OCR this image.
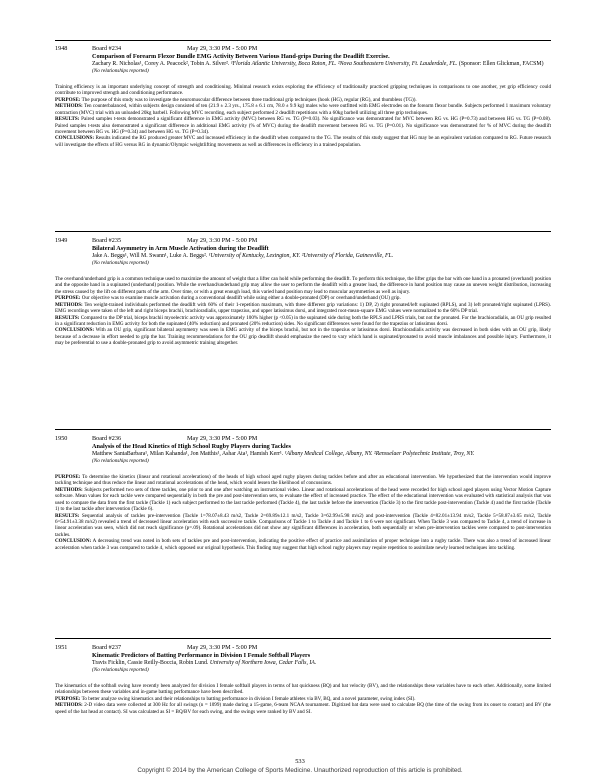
1948	Board #234	May 29, 3:30 PM - 5:00 PM
Comparison of Forearm Flexor Bundle EMG Activity Between Various Hand-grips During the Deadlift Exercise.
Zachary R. Nicholas¹, Corey A. Peacock², Tobin A. Silver². ¹Florida Atlantic University, Boca Raton, FL. ²Nova Southeastern University, Ft. Lauderdale, FL. (Sponsor: Ellen Glickman, FACSM)
(No relationships reported)

Training efficiency is an important underlying concept of strength and conditioning. Minimal research exists exploring the efficiency of traditionally practiced gripping techniques in comparisons to one another, yet grip efficiency could contribute to improved strength and conditioning performance.

PURPOSE: The purpose of this study was to investigate the neuromuscular difference between three traditional grip techniques (hook (HG), regular (RG), and thumbless (TG)).

METHODS: Ten counterbalanced, within subjects design consisted of ten (21.9 ± 2.3 yrs., 175.8 ± 6.1 cm, 78.0 ± 9.9 kg) males who were outfitted with EMG electrodes on the forearm flexor bundle. Subjects performed 1 maximum voluntary contraction (MVC) trial with an unloaded 20kg barbell. Following MVC recording, each subject performed 2 deadlift repetitions with a 60kg barbell utilizing all three grip techniques.

RESULTS: Paired samples t-tests demonstrated a significant difference in EMG activity (MVC) between RG vs. TG (P=0.03). No significance was demonstrated for MVC between RG vs. HG (P=0.73) and between HG vs. TG (P=0.08). Paired samples t-tests also demonstrated a significant difference in additional EMG activity (% of MVC) during the deadlift movement between RG vs. TG (P=0.01). No significance was demonstrated for % of MVC during the deadlift movement between RG vs. HG (P=0.34) and between HG vs. TG (P=0.34).

CONCLUSIONS: Results indicated the RG produced greater MVC and increased efficiency in the deadlift when compared to the TG. The results of this study suggest that HG may be an equivalent variation compared to RG. Future research will investigate the effects of HG versus RG in dynamic/Olympic weightlifting movements as well as differences in efficiency in a trained population.

1949	Board #235	May 29, 3:30 PM - 5:00 PM
Bilateral Asymmetry in Arm Muscle Activation during the Deadlift
Jake A. Beggs¹, Will M. Swann¹, Luke A. Beggs². ¹University of Kentucky, Lexington, KY. ²University of Florida, Gainesville, FL.
(No relationships reported)

The overhand/underhand grip is a common technique used to maximize the amount of weight that a lifter can hold while performing the deadlift. To perform this technique, the lifter grips the bar with one hand in a pronated (overhand) position and the opposite hand in a supinated (underhand) position. While the overhand/underhand grip may allow the user to perform the deadlift with a greater load, the difference in hand position may cause an uneven weight distribution, increasing the stress caused by the lift on different parts of the arm. Over time, or with a great enough load, this varied hand position may lead to muscular asymmetries as well as injury.

PURPOSE: Our objective was to examine muscle activation during a conventional deadlift while using either a double-pronated (DP) or overhand/underhand (OU) grip.

METHODS: Ten weight-trained individuals performed the deadlift with 60% of their 1-repetition maximum, with three different grip variations: 1) DP, 2) right pronated/left supinated (RPLS), and 3) left pronated/right supinated (LPRS). EMG recordings were taken of the left and right biceps brachii, brachioradialis, upper trapezius, and upper latissimus dorsi, and integrated root-mean-square EMG values were normalized to the 60% DP trial.

RESULTS: Compared to the DP trial, biceps brachii myoelectric activity was approximately 100% higher (p <0.05) in the supinated side during both the RPLS and LPRS trials, but not the pronated. For the brachioradialis, an OU grip resulted in a significant reduction in EMG activity for both the supinated (40% reduction) and pronated (20% reduction) sides. No significant differences were found for the trapezius or latissimus dorsi.

CONCLUSIONS: With an OU grip, significant bilateral asymmetry was seen in EMG activity of the biceps brachii, but not in the trapezius or latissimus dorsi. Brachioradialis activity was decreased in both sides with an OU grip, likely because of a decrease in effort needed to grip the bar. Training recommendations for the OU grip deadlift should emphasize the need to vary which hand is supinated/pronated to avoid muscle imbalances and possible injury. Furthermore, it may be preferential to use a double-pronated grip to avoid asymmetric training altogether.

1950	Board #236	May 29, 3:30 PM - 5:00 PM
Analysis of the Head Kinetics of High School Rugby Players during Tackles
Matthew SantaBarbara¹, Milan Kahanda¹, Jon Matthis¹, Ashar Ata¹, Hamish Kerr¹. ¹Albany Medical College, Albany, NY. ²Rensselaer Polytechnic Institute, Troy, NY.
(No relationships reported)

PURPOSE: To determine the kinetics (linear and rotational accelerations) of the heads of high school aged rugby players during tackles before and after an educational intervention. We hypothesized that the intervention would improve tackling technique and thus reduce the linear and rotational accelerations of the head, which would lessen the likelihood of concussions.

METHODS: Subjects performed two sets of three tackles, one prior to and one after watching an instructional video. Linear and rotational accelerations of the head were recorded for high school aged players using Vector Motion Capture software. Mean values for each tackle were compared sequentially in both the pre and post-intervention sets, to evaluate the effect of increased practice. The effect of the educational intervention was evaluated with statistical analysis that was used to compare the data from the first tackle (Tackle 1) each subject performed to the last tackle performed (Tackle 4), the last tackle before the intervention (Tackle 3) to the first tackle post-intervention (Tackle 4) and the first tackle (Tackle 1) to the last tackle after intervention (Tackle 6).

RESULTS: Sequential analysis of tackles pre-intervention (Tackle 1=78.07±8.43 m/s2, Tackle 2=69.89±12.1 m/s2, Tackle 3=62.99±5.98 m/s2) and post-intervention (Tackle 4=82.01±13.94 m/s2, Tackle 5=58.87±3.65 m/s2, Tackle 6=54.91±3.38 m/s2) revealed a trend of decreased linear acceleration with each successive tackle. Comparisons of Tackle 1 to Tackle 4 and Tackle 1 to 6 were not significant. When Tackle 3 was compared to Tackle 4, a trend of increase in linear acceleration was seen, which did not reach significance (p=.09). Rotational accelerations did not show any significant differences in acceleration, both sequentially or when pre-intervention tackles were compared to post-intervention tackles.

CONCLUSION: A decreasing trend was noted in both sets of tackles pre and post-intervention, indicating the positive effect of practice and assimilation of proper technique into a rugby tackle. There was also a trend of increased linear acceleration when tackle 3 was compared to tackle 4, which opposed our original hypothesis. This finding may suggest that high school rugby players may require repetition to assimilate newly learned techniques into tackling.

1951	Board #237	May 29, 3:30 PM - 5:00 PM
Kinematic Predictors of Batting Performance in Division I Female Softball Players
Travis Ficklin, Cassie Reilly-Boccia, Robin Lund. University of Northern Iowa, Cedar Falls, IA.
(No relationships reported)

The kinematics of the softball swing have recently been analyzed for division I female softball players in terms of bat quickness (BQ) and bat velocity (BV), and the relationships these variables have to each other. Additionally, some limited relationships between these variables and in-game batting performance have been described.

PURPOSE: To better analyze swing kinematics and their relationships to batting performance in division I female athletes via BV, BQ, and a novel parameter, swing index (SI).

METHODS: 2-D video data were collected at 300 Hz for all swings (n = 1099) made during a 15-game, 6-team NCAA tournament. Digitized bat data were used to calculate BQ (the time of the swing from its onset to contact) and BV (the speed of the bat head at contact). SI was calculated as SI = BQ/BV for each swing, and the swings were ranked by BV and SI.

533
Copyright © 2014 by the American College of Sports Medicine. Unauthorized reproduction of this article is prohibited.
